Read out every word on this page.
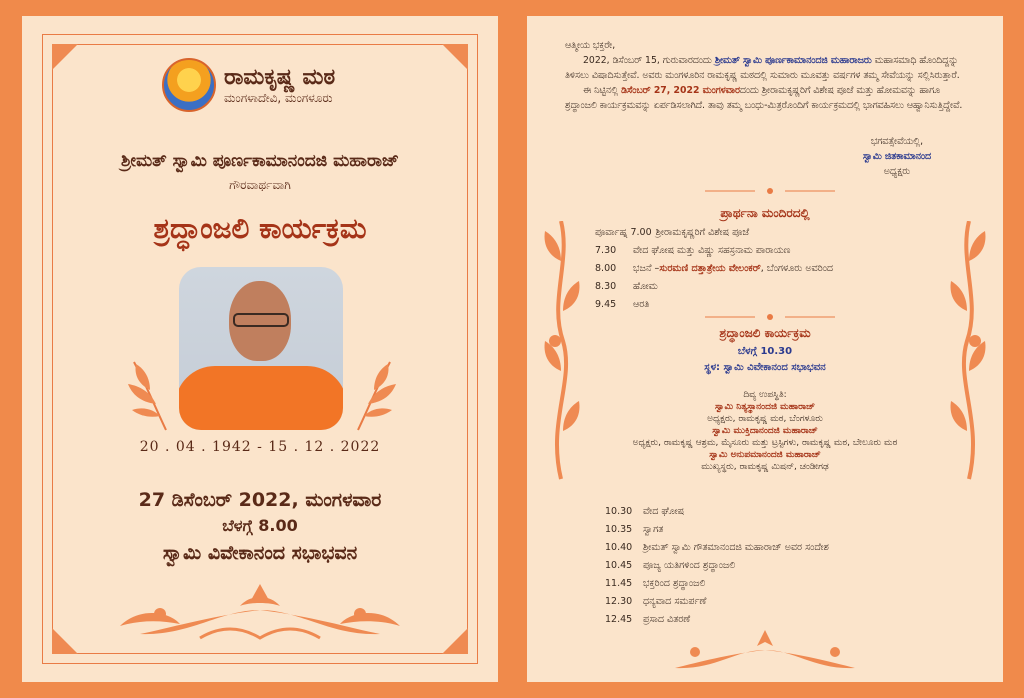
ರಾಮಕೃಷ್ಣ ಮಠ
ಮಂಗಳಾದೇವಿ, ಮಂಗಳೂರು
ಶ್ರೀಮತ್ ಸ್ವಾಮಿ ಪೂರ್ಣಕಾಮಾನಂದಜಿ ಮಹಾರಾಜ್
ಗೌರವಾರ್ಥವಾಗಿ
ಶ್ರದ್ಧಾಂಜಲಿ ಕಾರ್ಯಕ್ರಮ
20 . 04 . 1942 - 15 . 12 . 2022
27 ಡಿಸೆಂಬರ್ 2022, ಮಂಗಳವಾರ
ಬೆಳಗ್ಗೆ 8.00
ಸ್ವಾಮಿ ವಿವೇಕಾನಂದ ಸಭಾಭವನ

ಆತ್ಮೀಯ ಭಕ್ತರೇ,

2022, ಡಿಸೆಂಬರ್ 15, ಗುರುವಾರದಂದು ಶ್ರೀಮತ್ ಸ್ವಾಮಿ ಪೂರ್ಣಕಾಮಾನಂದಜಿ ಮಹಾರಾಜರು ಮಹಾಸಮಾಧಿ ಹೊಂದಿದ್ದನ್ನು ತಿಳಿಸಲು ವಿಷಾದಿಸುತ್ತೇವೆ. ಅವರು ಮಂಗಳೂರಿನ ರಾಮಕೃಷ್ಣ ಮಠದಲ್ಲಿ ಸುಮಾರು ಮೂವತ್ತು ವರ್ಷಗಳ ತಮ್ಮ ಸೇವೆಯನ್ನು ಸಲ್ಲಿಸಿರುತ್ತಾರೆ.

ಈ ನಿಟ್ಟಿನಲ್ಲಿ ಡಿಸೆಂಬರ್ 27, 2022 ಮಂಗಳವಾರದಂದು ಶ್ರೀರಾಮಕೃಷ್ಣರಿಗೆ ವಿಶೇಷ ಪೂಜೆ ಮತ್ತು ಹೋಮವನ್ನು ಹಾಗೂ ಶ್ರದ್ಧಾಂಜಲಿ ಕಾರ್ಯಕ್ರಮವನ್ನು ಏರ್ಪಡಿಸಲಾಗಿದೆ. ತಾವು ತಮ್ಮ ಬಂಧು-ಮಿತ್ರರೊಂದಿಗೆ ಕಾರ್ಯಕ್ರಮದಲ್ಲಿ ಭಾಗವಹಿಸಲು ಆಹ್ವಾನಿಸುತ್ತಿದ್ದೇವೆ.

ಭಗವತ್ಸೇವೆಯಲ್ಲಿ,
ಸ್ವಾಮಿ ಜಿತಕಾಮಾನಂದ
ಅಧ್ಯಕ್ಷರು
ಪ್ರಾರ್ಥನಾ ಮಂದಿರದಲ್ಲಿ
ಪೂರ್ವಾಹ್ನ 7.00 ಶ್ರೀರಾಮಕೃಷ್ಣರಿಗೆ ವಿಶೇಷ ಪೂಜೆ
7.30	ವೇದ ಘೋಷ ಮತ್ತು ವಿಷ್ಣು ಸಹಸ್ರನಾಮ ಪಾರಾಯಣ
8.00	ಭಜನೆ – ಸುರಮಣಿ ದತ್ತಾತ್ರೇಯ ವೇಲಂಕರ್ , ಬೆಂಗಳೂರು ಅವರಿಂದ
8.30	ಹೋಮ
9.45	ಆರತಿ
ಶ್ರದ್ಧಾಂಜಲಿ ಕಾರ್ಯಕ್ರಮ
ಬೆಳಗ್ಗೆ 10.30
ಸ್ಥಳ: ಸ್ವಾಮಿ ವಿವೇಕಾನಂದ ಸಭಾಭವನ
ದಿವ್ಯ ಉಪಸ್ಥಿತಿ:
ಸ್ವಾಮಿ ನಿತ್ಯಸ್ಥಾನಂದಜಿ ಮಹಾರಾಜ್
ಅಧ್ಯಕ್ಷರು, ರಾಮಕೃಷ್ಣ ಮಠ, ಬೆಂಗಳೂರು
ಸ್ವಾಮಿ ಮುಕ್ತಿದಾನಂದಜಿ ಮಹಾರಾಜ್
ಅಧ್ಯಕ್ಷರು, ರಾಮಕೃಷ್ಣ ಆಶ್ರಮ, ಮೈಸೂರು ಮತ್ತು ಟ್ರಸ್ಟಿಗಳು, ರಾಮಕೃಷ್ಣ ಮಠ, ಬೇಲೂರು ಮಠ
ಸ್ವಾಮಿ ಅನುಪಮಾನಂದಜಿ ಮಹಾರಾಜ್
ಮುಖ್ಯಸ್ಥರು, ರಾಮಕೃಷ್ಣ ಮಿಷನ್, ಚಂಡೀಗಢ
10.30	ವೇದ ಘೋಷ
10.35	ಸ್ವಾಗತ
10.40	ಶ್ರೀಮತ್ ಸ್ವಾಮಿ ಗೌತಮಾನಂದಜಿ ಮಹಾರಾಜ್ ಅವರ ಸಂದೇಶ
10.45	ಪೂಜ್ಯ ಯತಿಗಳಿಂದ ಶ್ರದ್ಧಾಂಜಲಿ
11.45	ಭಕ್ತರಿಂದ ಶ್ರದ್ಧಾಂಜಲಿ
12.30	ಧನ್ಯವಾದ ಸಮರ್ಪಣೆ
12.45	ಪ್ರಸಾದ ವಿತರಣೆ
